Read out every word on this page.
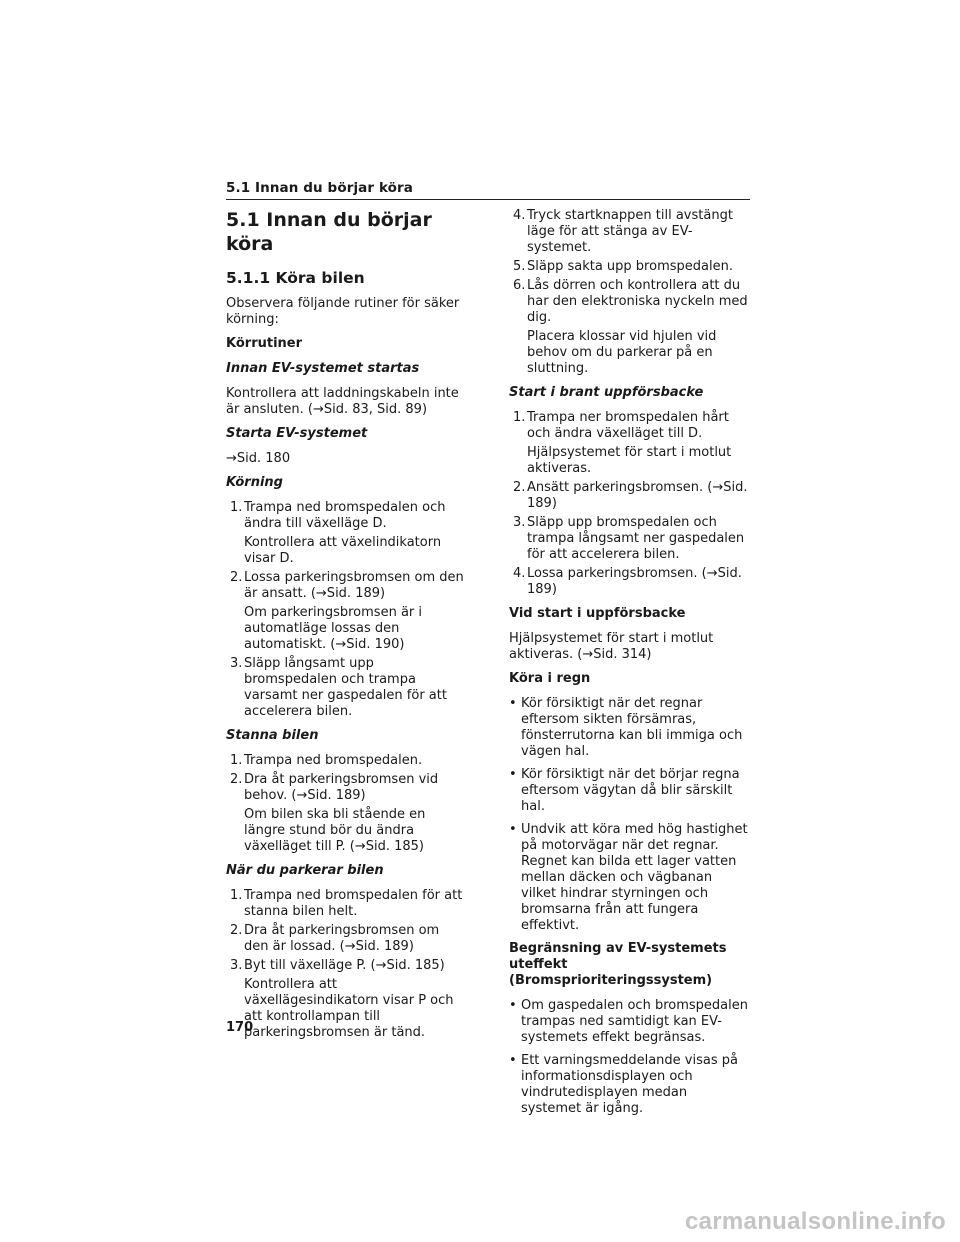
5.1 Innan du börjar köra
5.1 Innan du börjar köra
5.1.1 Köra bilen
Observera följande rutiner för säker körning:
Körrutiner
Innan EV-systemet startas
Kontrollera att laddningskabeln inte är ansluten. (→Sid. 83, Sid. 89)
Starta EV-systemet
→Sid. 180
Körning
1. Trampa ned bromspedalen och ändra till växelläge D.
Kontrollera att växelindikatorn visar D.
2. Lossa parkeringsbromsen om den är ansatt. (→Sid. 189)
Om parkeringsbromsen är i automatläge lossas den automatiskt. (→Sid. 190)
3. Släpp långsamt upp bromspedalen och trampa varsamt ner gaspedalen för att accelerera bilen.
Stanna bilen
1. Trampa ned bromspedalen.
2. Dra åt parkeringsbromsen vid behov. (→Sid. 189)
Om bilen ska bli stående en längre stund bör du ändra växelläget till P. (→Sid. 185)
När du parkerar bilen
1. Trampa ned bromspedalen för att stanna bilen helt.
2. Dra åt parkeringsbromsen om den är lossad. (→Sid. 189)
3. Byt till växelläge P. (→Sid. 185)
Kontrollera att växellägesindikatorn visar P och att kontrollampan till parkeringsbromsen är tänd.
4. Tryck startknappen till avstängt läge för att stänga av EV-systemet.
5. Släpp sakta upp bromspedalen.
6. Lås dörren och kontrollera att du har den elektroniska nyckeln med dig.
Placera klossar vid hjulen vid behov om du parkerar på en sluttning.
Start i brant uppförsbacke
1. Trampa ner bromspedalen hårt och ändra växelläget till D.
Hjälpsystemet för start i motlut aktiveras.
2. Ansätt parkeringsbromsen. (→Sid. 189)
3. Släpp upp bromspedalen och trampa långsamt ner gaspedalen för att accelerera bilen.
4. Lossa parkeringsbromsen. (→Sid. 189)
Vid start i uppförsbacke
Hjälpsystemet för start i motlut aktiveras. (→Sid. 314)
Köra i regn
• Kör försiktigt när det regnar eftersom sikten försämras, fönsterrutorna kan bli immiga och vägen hal.
• Kör försiktigt när det börjar regna eftersom vägytan då blir särskilt hal.
• Undvik att köra med hög hastighet på motorvägar när det regnar. Regnet kan bilda ett lager vatten mellan däcken och vägbanan vilket hindrar styrningen och bromsarna från att fungera effektivt.
Begränsning av EV-systemets uteffekt (Bromsprioriteringssystem)
• Om gaspedalen och bromspedalen trampas ned samtidigt kan EV-systemets effekt begränsas.
• Ett varningsmeddelande visas på informationsdisplayen och vindrutedisplayen medan systemet är igång.
170
carmanualsonline.info
